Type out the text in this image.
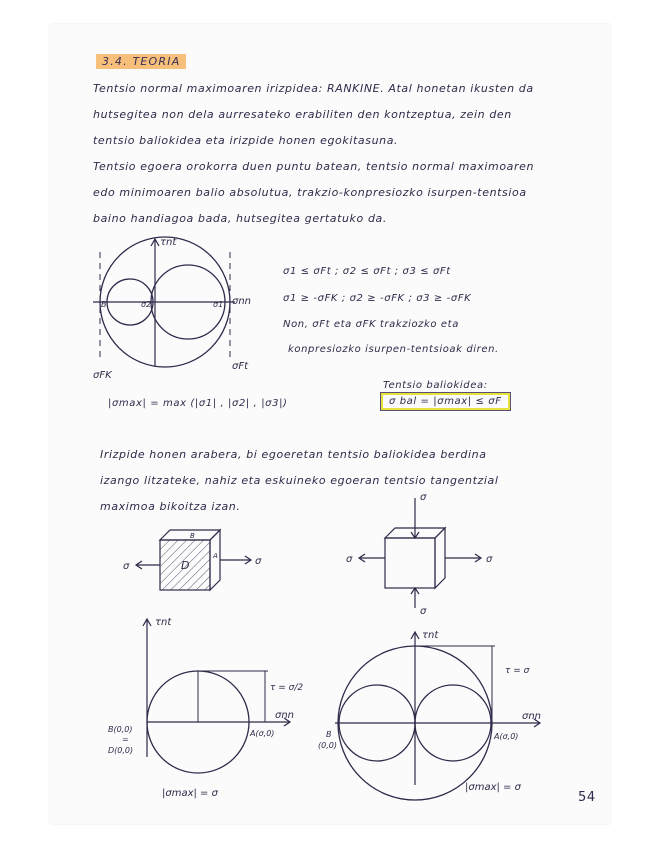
3.4. TEORIA
Tentsio normal maximoaren irizpidea: RANKINE. Atal honetan ikusten da
hutsegitea non dela aurresateko erabiliten den kontzeptua, zein den
tentsio baliokidea eta irizpide honen egokitasuna.
Tentsio egoera orokorra duen puntu batean, tentsio normal maximoaren
edo minimoaren balio absolutua, trakzio-konpresiozko isurpen-tentsioa
baino handiagoa bada, hutsegitea gertatuko da.
τnt
σnn
B	σ2	σ1
σFK
σFt
σ1 ≤ σFt ; σ2 ≤ σFt ; σ3 ≤ σFt
σ1 ≥ -σFK ; σ2 ≥ -σFK ; σ3 ≥ -σFK
Non, σFt eta σFK trakziozko eta
konpresiozko isurpen-tentsioak diren.
Tentsio baliokidea:
|σmax| = max (|σ1| , |σ2| , |σ3|)	σ bal = |σmax| ≤ σF
Irizpide honen arabera, bi egoeretan tentsio baliokidea berdina
izango litzateke, nahiz eta eskuineko egoeran tentsio tangentzial
maximoa bikoitza izan.
σ	σ
D
B
A
σ
σ
σ	σ
τnt
σnn
τ = σ/2
B(0,0)
=
D(0,0)
A(σ,0)
|σmax| = σ
τnt
σnn
τ = σ
B
(0,0)
A(σ,0)
|σmax| = σ
54
